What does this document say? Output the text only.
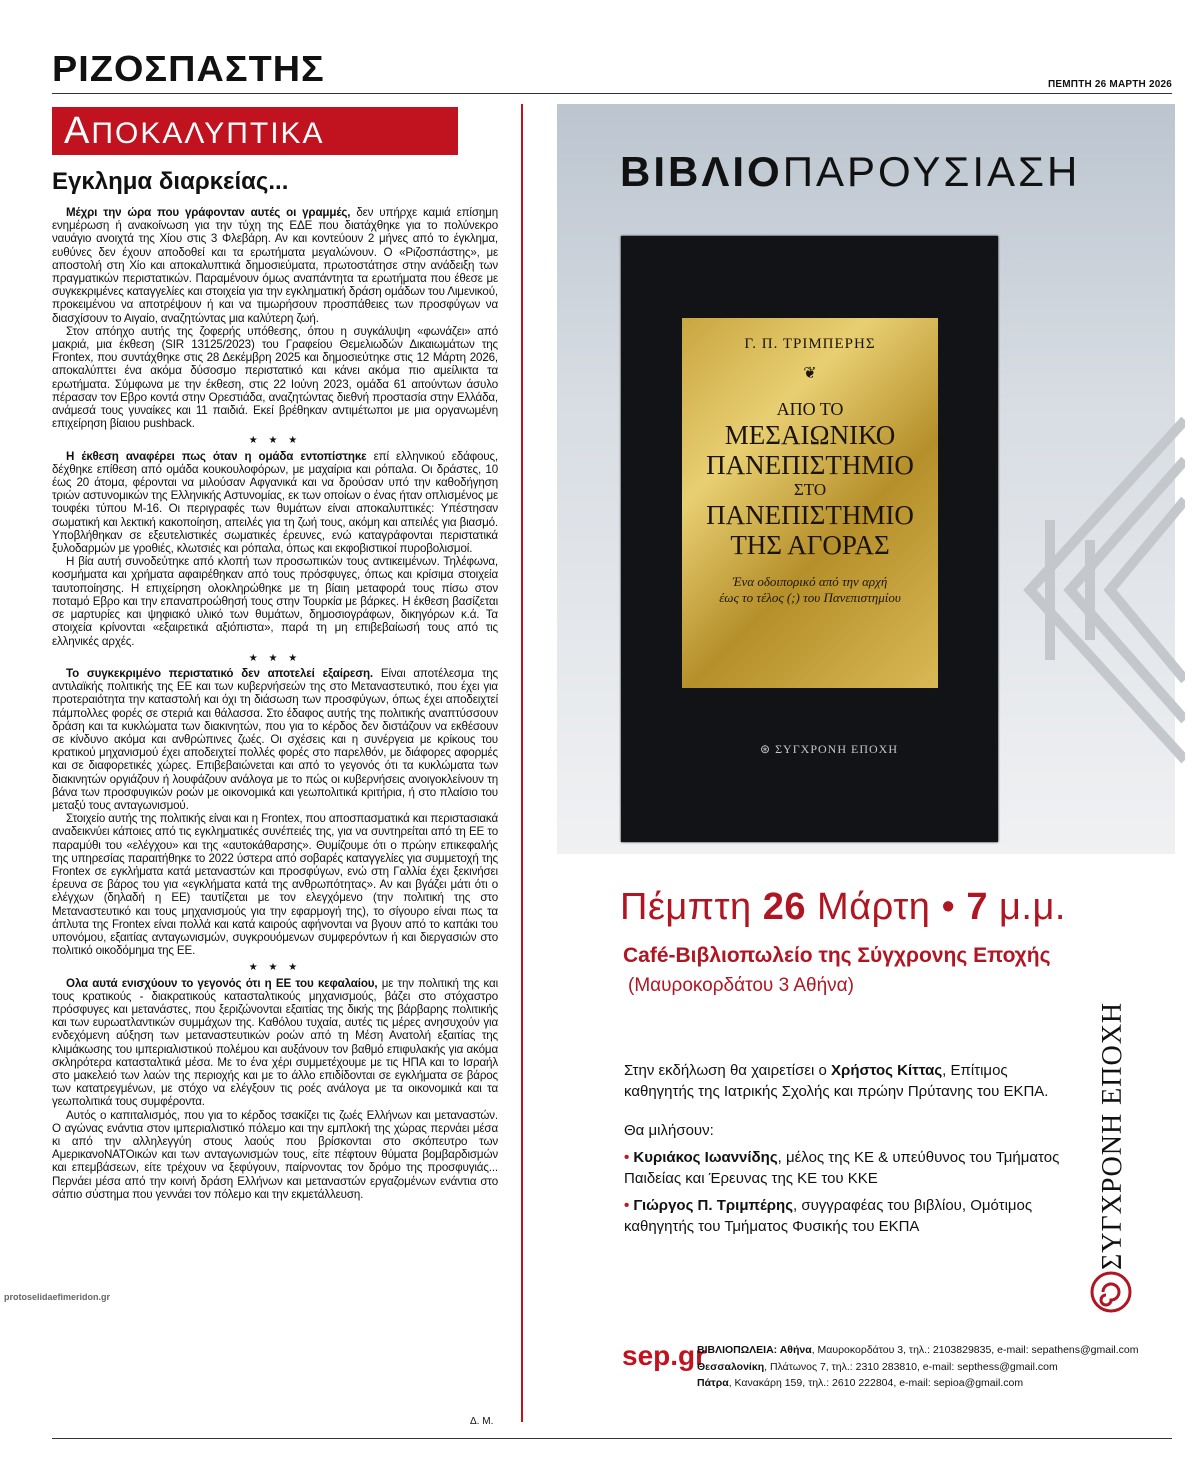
ΡΙΖΟΣΠΑΣΤΗΣ	ΠΕΜΠΤΗ 26 ΜΑΡΤΗ 2026
ΑΠΟΚΑΛΥΠΤΙΚΑ
Εγκλημα διαρκείας...

Μέχρι την ώρα που γράφονταν αυτές οι γραμμές, δεν υπήρχε καμιά επίσημη ενημέρωση ή ανακοίνωση για την τύχη της ΕΔΕ που διατάχθηκε για το πολύνεκρο ναυάγιο ανοιχτά της Χίου στις 3 Φλεβάρη. Αν και κοντεύουν 2 μήνες από το έγκλημα, ευθύνες δεν έχουν αποδοθεί και τα ερωτήματα μεγαλώνουν. Ο «Ριζοσπάστης», με αποστολή στη Χίο και αποκαλυπτικά δημοσιεύματα, πρωτοστάτησε στην ανάδειξη των πραγματικών περιστατικών. Παραμένουν όμως αναπάντητα τα ερωτήματα που έθεσε με συγκεκριμένες καταγγελίες και στοιχεία για την εγκληματική δράση ομάδων του Λιμενικού, προκειμένου να αποτρέψουν ή και να τιμωρήσουν προσπάθειες των προσφύγων να διασχίσουν το Αιγαίο, αναζητώντας μια καλύτερη ζωή.

Στον απόηχο αυτής της ζοφερής υπόθεσης, όπου η συγκάλυψη «φωνάζει» από μακριά, μια έκθεση (SIR 13125/2023) του Γραφείου Θεμελιωδών Δικαιωμάτων της Frontex, που συντάχθηκε στις 28 Δεκέμβρη 2025 και δημοσιεύτηκε στις 12 Μάρτη 2026, αποκαλύπτει ένα ακόμα δύσοσμο περιστατικό και κάνει ακόμα πιο αμείλικτα τα ερωτήματα. Σύμφωνα με την έκθεση, στις 22 Ιούνη 2023, ομάδα 61 αιτούντων άσυλο πέρασαν τον Εβρο κοντά στην Ορεστιάδα, αναζητώντας διεθνή προστασία στην Ελλάδα, ανάμεσά τους γυναίκες και 11 παιδιά. Εκεί βρέθηκαν αντιμέτωποι με μια οργανωμένη επιχείρηση βίαιου pushback.

★ ★ ★

Η έκθεση αναφέρει πως όταν η ομάδα εντοπίστηκε επί ελληνικού εδάφους, δέχθηκε επίθεση από ομάδα κουκουλοφόρων, με μαχαίρια και ρόπαλα. Οι δράστες, 10 έως 20 άτομα, φέρονται να μιλούσαν Αφγανικά και να δρούσαν υπό την καθοδήγηση τριών αστυνομικών της Ελληνικής Αστυνομίας, εκ των οποίων ο ένας ήταν οπλισμένος με τουφέκι τύπου Μ-16. Οι περιγραφές των θυμάτων είναι αποκαλυπτικές: Υπέστησαν σωματική και λεκτική κακοποίηση, απειλές για τη ζωή τους, ακόμη και απειλές για βιασμό. Υποβλήθηκαν σε εξευτελιστικές σωματικές έρευνες, ενώ καταγράφονται περιστατικά ξυλοδαρμών με γροθιές, κλωτσιές και ρόπαλα, όπως και εκφοβιστικοί πυροβολισμοί.

Η βία αυτή συνοδεύτηκε από κλοπή των προσωπικών τους αντικειμένων. Τηλέφωνα, κοσμήματα και χρήματα αφαιρέθηκαν από τους πρόσφυγες, όπως και κρίσιμα στοιχεία ταυτοποίησης. Η επιχείρηση ολοκληρώθηκε με τη βίαιη μεταφορά τους πίσω στον ποταμό Εβρο και την επαναπροώθησή τους στην Τουρκία με βάρκες. Η έκθεση βασίζεται σε μαρτυρίες και ψηφιακό υλικό των θυμάτων, δημοσιογράφων, δικηγόρων κ.ά. Τα στοιχεία κρίνονται «εξαιρετικά αξιόπιστα», παρά τη μη επιβεβαίωσή τους από τις ελληνικές αρχές.

★ ★ ★

Το συγκεκριμένο περιστατικό δεν αποτελεί εξαίρεση. Είναι αποτέλεσμα της αντιλαϊκής πολιτικής της ΕΕ και των κυβερνήσεών της στο Μεταναστευτικό, που έχει για προτεραιότητα την καταστολή και όχι τη διάσωση των προσφύγων, όπως έχει αποδειχτεί πάμπολλες φορές σε στεριά και θάλασσα. Στο έδαφος αυτής της πολιτικής αναπτύσσουν δράση και τα κυκλώματα των διακινητών, που για το κέρδος δεν διστάζουν να εκθέσουν σε κίνδυνο ακόμα και ανθρώπινες ζωές. Οι σχέσεις και η συνέργεια με κρίκους του κρατικού μηχανισμού έχει αποδειχτεί πολλές φορές στο παρελθόν, με διάφορες αφορμές και σε διαφορετικές χώρες. Επιβεβαιώνεται και από το γεγονός ότι τα κυκλώματα των διακινητών οργιάζουν ή λουφάζουν ανάλογα με το πώς οι κυβερνήσεις ανοιγοκλείνουν τη βάνα των προσφυγικών ροών με οικονομικά και γεωπολιτικά κριτήρια, ή στο πλαίσιο του μεταξύ τους ανταγωνισμού.

Στοιχείο αυτής της πολιτικής είναι και η Frontex, που αποσπασματικά και περιστασιακά αναδεικνύει κάποιες από τις εγκληματικές συνέπειές της, για να συντηρείται από τη ΕΕ το παραμύθι του «ελέγχου» και της «αυτοκάθαρσης». Θυμίζουμε ότι ο πρώην επικεφαλής της υπηρεσίας παραιτήθηκε το 2022 ύστερα από σοβαρές καταγγελίες για συμμετοχή της Frontex σε εγκλήματα κατά μεταναστών και προσφύγων, ενώ στη Γαλλία έχει ξεκινήσει έρευνα σε βάρος του για «εγκλήματα κατά της ανθρωπότητας». Αν και βγάζει μάτι ότι ο ελέγχων (δηλαδή η ΕΕ) ταυτίζεται με τον ελεγχόμενο (την πολιτική της στο Μεταναστευτικό και τους μηχανισμούς για την εφαρμογή της), το σίγουρο είναι πως τα άπλυτα της Frontex είναι πολλά και κατά καιρούς αφήνονται να βγουν από το καπάκι του υπονόμου, εξαιτίας ανταγωνισμών, συγκρουόμενων συμφερόντων ή και διεργασιών στο πολιτικό οικοδόμημα της ΕΕ.

★ ★ ★

Ολα αυτά ενισχύουν το γεγονός ότι η ΕΕ του κεφαλαίου, με την πολιτική της και τους κρατικούς - διακρατικούς κατασταλτικούς μηχανισμούς, βάζει στο στόχαστρο πρόσφυγες και μετανάστες, που ξεριζώνονται εξαιτίας της δικής της βάρβαρης πολιτικής και των ευρωατλαντικών συμμάχων της. Καθόλου τυχαία, αυτές τις μέρες ανησυχούν για ενδεχόμενη αύξηση των μεταναστευτικών ροών από τη Μέση Ανατολή εξαιτίας της κλιμάκωσης του ιμπεριαλιστικού πολέμου και αυξάνουν τον βαθμό επιφυλακής για ακόμα σκληρότερα κατασταλτικά μέσα. Με το ένα χέρι συμμετέχουμε με τις ΗΠΑ και το Ισραήλ στο μακελειό των λαών της περιοχής και με το άλλο επιδίδονται σε εγκλήματα σε βάρος των κατατρεγμένων, με στόχο να ελέγξουν τις ροές ανάλογα με τα οικονομικά και τα γεωπολιτικά τους συμφέροντα.

Αυτός ο καπιταλισμός, που για το κέρδος τσακίζει τις ζωές Ελλήνων και μεταναστών. Ο αγώνας ενάντια στον ιμπεριαλιστικό πόλεμο και την εμπλοκή της χώρας περνάει μέσα κι από την αλληλεγγύη στους λαούς που βρίσκονται στο σκόπευτρο των ΑμερικανοΝΑΤΟικών και των ανταγωνισμών τους, είτε πέφτουν θύματα βομβαρδισμών και επεμβάσεων, είτε τρέχουν να ξεφύγουν, παίρνοντας τον δρόμο της προσφυγιάς... Περνάει μέσα από την κοινή δράση Ελλήνων και μεταναστών εργαζομένων ενάντια στο σάπιο σύστημα που γεννάει τον πόλεμο και την εκμετάλλευση.

Δ. Μ.
protoselidaefimeridon.gr
ΒΙΒΛΙΟΠΑΡΟΥΣΙΑΣΗ
Γ. Π. ΤΡΙΜΠΕΡΗΣ
❦
ΑΠΟ ΤΟ
ΜΕΣΑΙΩΝΙΚΟ
ΠΑΝΕΠΙΣΤΗΜΙΟ
ΣΤΟ
ΠΑΝΕΠΙΣΤΗΜΙΟ
ΤΗΣ ΑΓΟΡΑΣ
Ένα οδοιπορικό από την αρχή
έως το τέλος (;) του Πανεπιστημίου
⊛ ΣΥΓΧΡΟΝΗ ΕΠΟΧΗ
Πέμπτη 26 Μάρτη • 7 μ.μ.
Café-Βιβλιοπωλείο της Σύγχρονης Εποχής
(Μαυροκορδάτου 3 Αθήνα)

Στην εκδήλωση θα χαιρετίσει ο Χρήστος Κίττας, Επίτιμος καθηγητής της Ιατρικής Σχολής και πρώην Πρύτανης του ΕΚΠΑ.

Θα μιλήσουν:

• Κυριάκος Ιωαννίδης, μέλος της ΚΕ & υπεύθυνος του Τμήματος Παιδείας και Έρευνας της ΚΕ του ΚΚΕ

• Γιώργος Π. Τριμπέρης, συγγραφέας του βιβλίου, Ομότιμος καθηγητής του Τμήματος Φυσικής του ΕΚΠΑ	ΣΥΓΧΡΟΝΗ ΕΠΟΧΗ
sep.gr
ΒΙΒΛΙΟΠΩΛΕΙΑ: Αθήνα, Μαυροκορδάτου 3, τηλ.: 2103829835, e-mail: sepathens@gmail.com
Θεσσαλονίκη, Πλάτωνος 7, τηλ.: 2310 283810, e-mail: septhess@gmail.com
Πάτρα, Κανακάρη 159, τηλ.: 2610 222804, e-mail: sepioa@gmail.com
